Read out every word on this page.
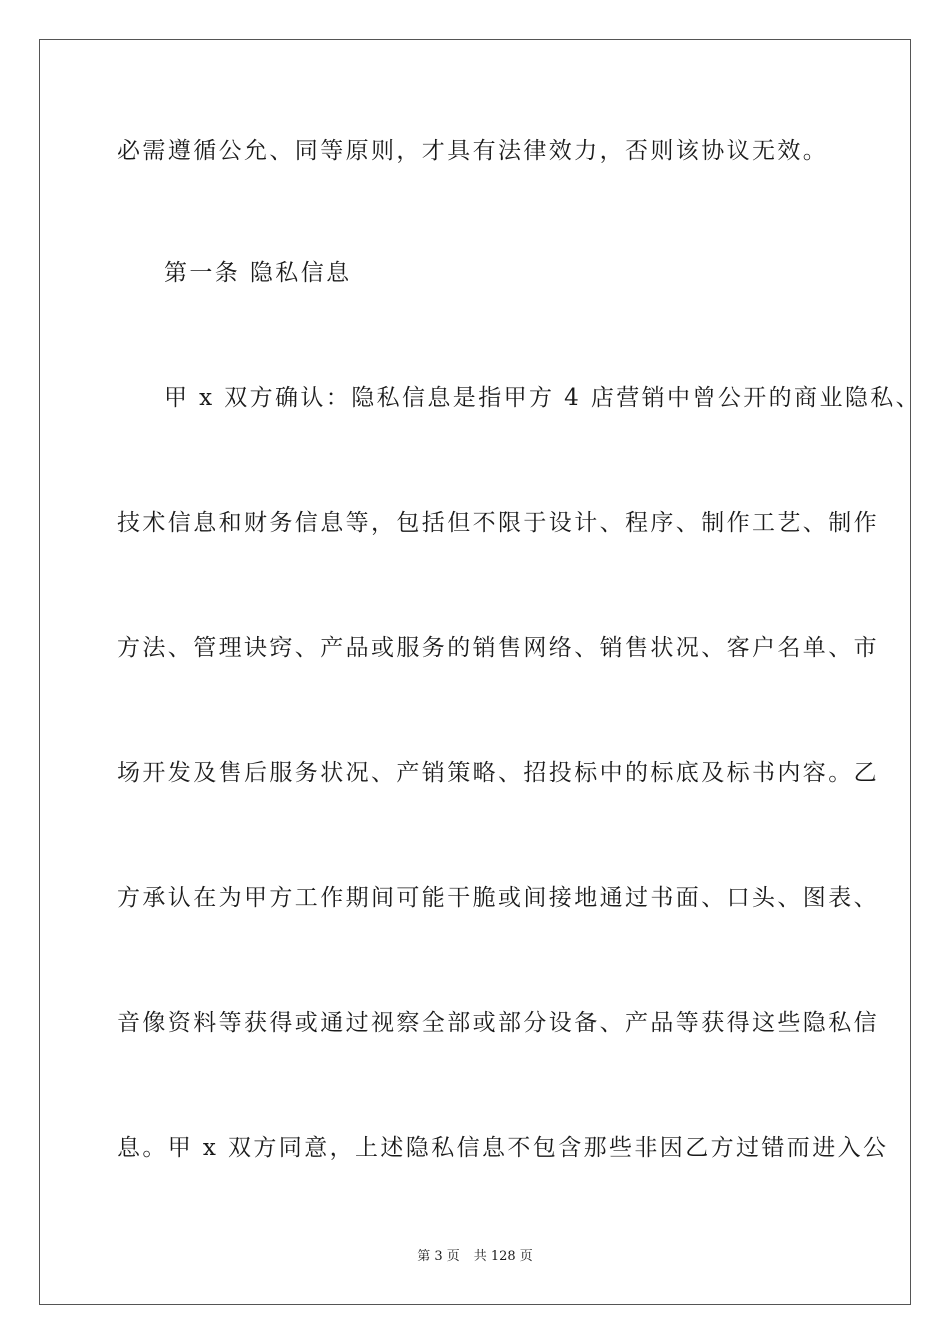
必需遵循公允、同等原则，才具有法律效力，否则该协议无效。
第一条 隐私信息
甲 x 双方确认：隐私信息是指甲方 4 店营销中曾公开的商业隐私、
技术信息和财务信息等，包括但不限于设计、程序、制作工艺、制作
方法、管理诀窍、产品或服务的销售网络、销售状况、客户名单、市
场开发及售后服务状况、产销策略、招投标中的标底及标书内容。乙
方承认在为甲方工作期间可能干脆或间接地通过书面、口头、图表、
音像资料等获得或通过视察全部或部分设备、产品等获得这些隐私信
息。甲 x 双方同意，上述隐私信息不包含那些非因乙方过错而进入公
第 3 页 共 128 页
